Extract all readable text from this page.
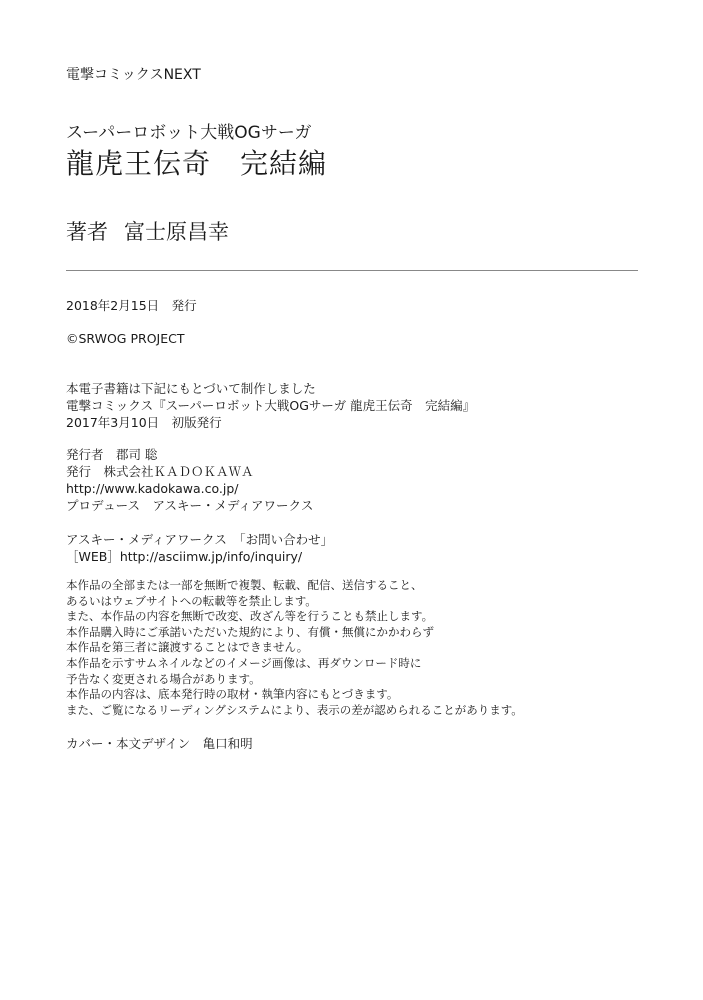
電撃コミックスNEXT
スーパーロボット大戦OGサーガ
龍虎王伝奇　完結編
著者 富士原昌幸
2018年2月15日　発行
©SRWOG PROJECT
本電子書籍は下記にもとづいて制作しました
電撃コミックス『スーパーロボット大戦OGサーガ 龍虎王伝奇　完結編』
2017年3月10日　初版発行
発行者　郡司 聡
発行　株式会社ＫＡＤＯＫＡＷＡ
http://www.kadokawa.co.jp/
プロデュース　アスキー・メディアワークス
アスキー・メディアワークス　「お問い合わせ」
［WEB］http://asciimw.jp/info/inquiry/
本作品の全部または一部を無断で複製、転載、配信、送信すること、
あるいはウェブサイトへの転載等を禁止します。
また、本作品の内容を無断で改変、改ざん等を行うことも禁止します。
本作品購入時にご承諾いただいた規約により、有償・無償にかかわらず
本作品を第三者に譲渡することはできません。
本作品を示すサムネイルなどのイメージ画像は、再ダウンロード時に
予告なく変更される場合があります。
本作品の内容は、底本発行時の取材・執筆内容にもとづきます。
また、ご覧になるリーディングシステムにより、表示の差が認められることがあります。
カバー・本文デザイン　亀口和明
